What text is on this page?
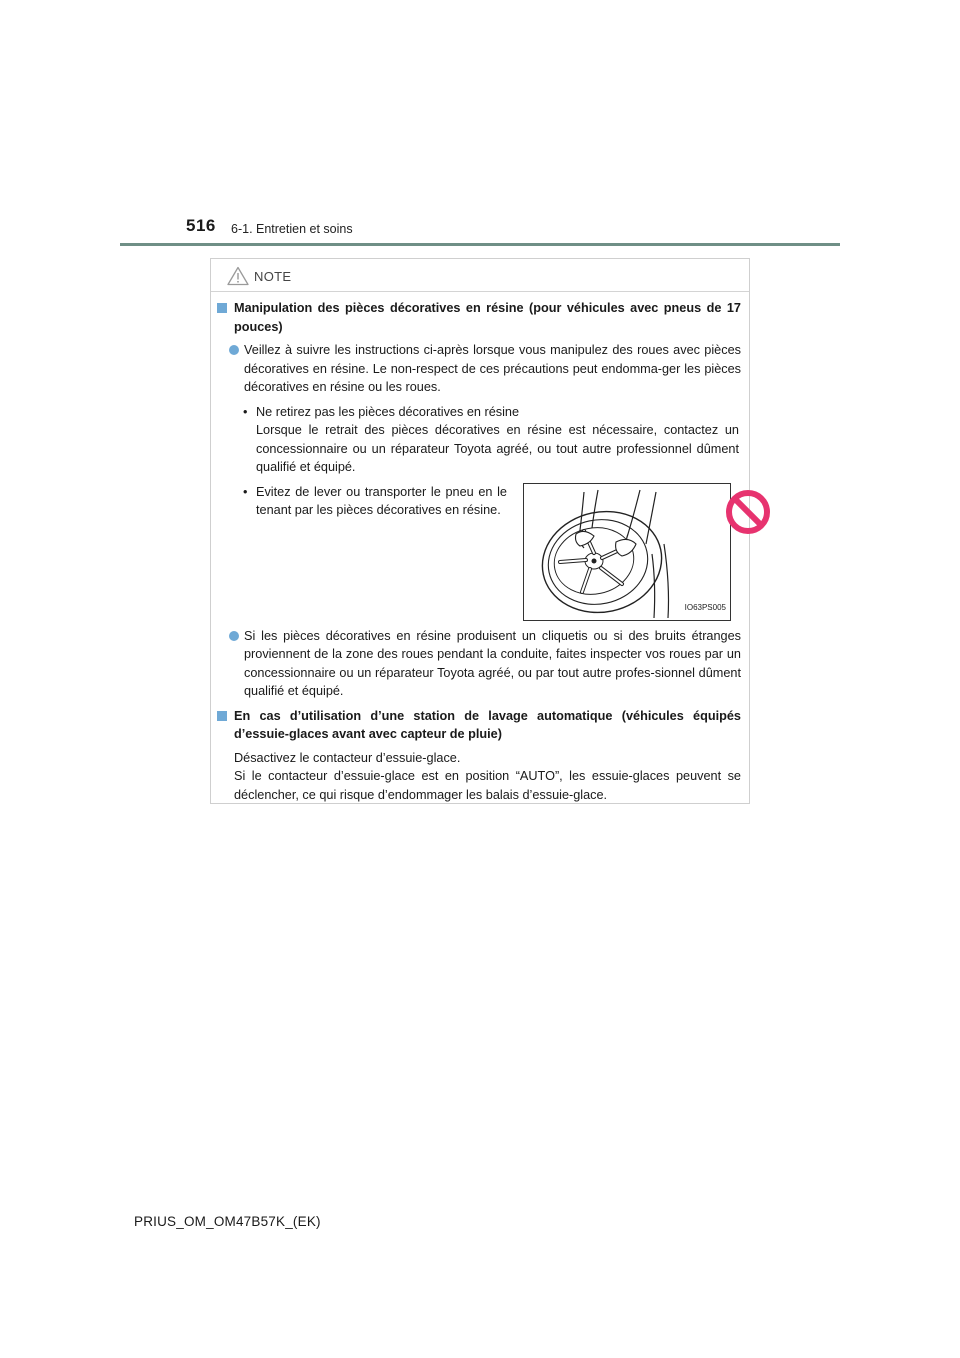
516 6-1. Entretien et soins
NOTE
Manipulation des pièces décoratives en résine (pour véhicules avec pneus de 17 pouces)
Veillez à suivre les instructions ci-après lorsque vous manipulez des roues avec pièces décoratives en résine. Le non-respect de ces précautions peut endomma-ger les pièces décoratives en résine ou les roues.
• Ne retirez pas les pièces décoratives en résine
Lorsque le retrait des pièces décoratives en résine est nécessaire, contactez un concessionnaire ou un réparateur Toyota agréé, ou tout autre professionnel dûment qualifié et équipé.
• Evitez de lever ou transporter le pneu en le tenant par les pièces décoratives en résine.
IO63PS005
Si les pièces décoratives en résine produisent un cliquetis ou si des bruits étranges proviennent de la zone des roues pendant la conduite, faites inspecter vos roues par un concessionnaire ou un réparateur Toyota agréé, ou par tout autre profes-sionnel dûment qualifié et équipé.
En cas d’utilisation d’une station de lavage automatique (véhicules équipés d’essuie-glaces avant avec capteur de pluie)
Désactivez le contacteur d’essuie-glace.
Si le contacteur d’essuie-glace est en position “AUTO”, les essuie-glaces peuvent se déclencher, ce qui risque d’endommager les balais d’essuie-glace.
PRIUS_OM_OM47B57K_(EK)
